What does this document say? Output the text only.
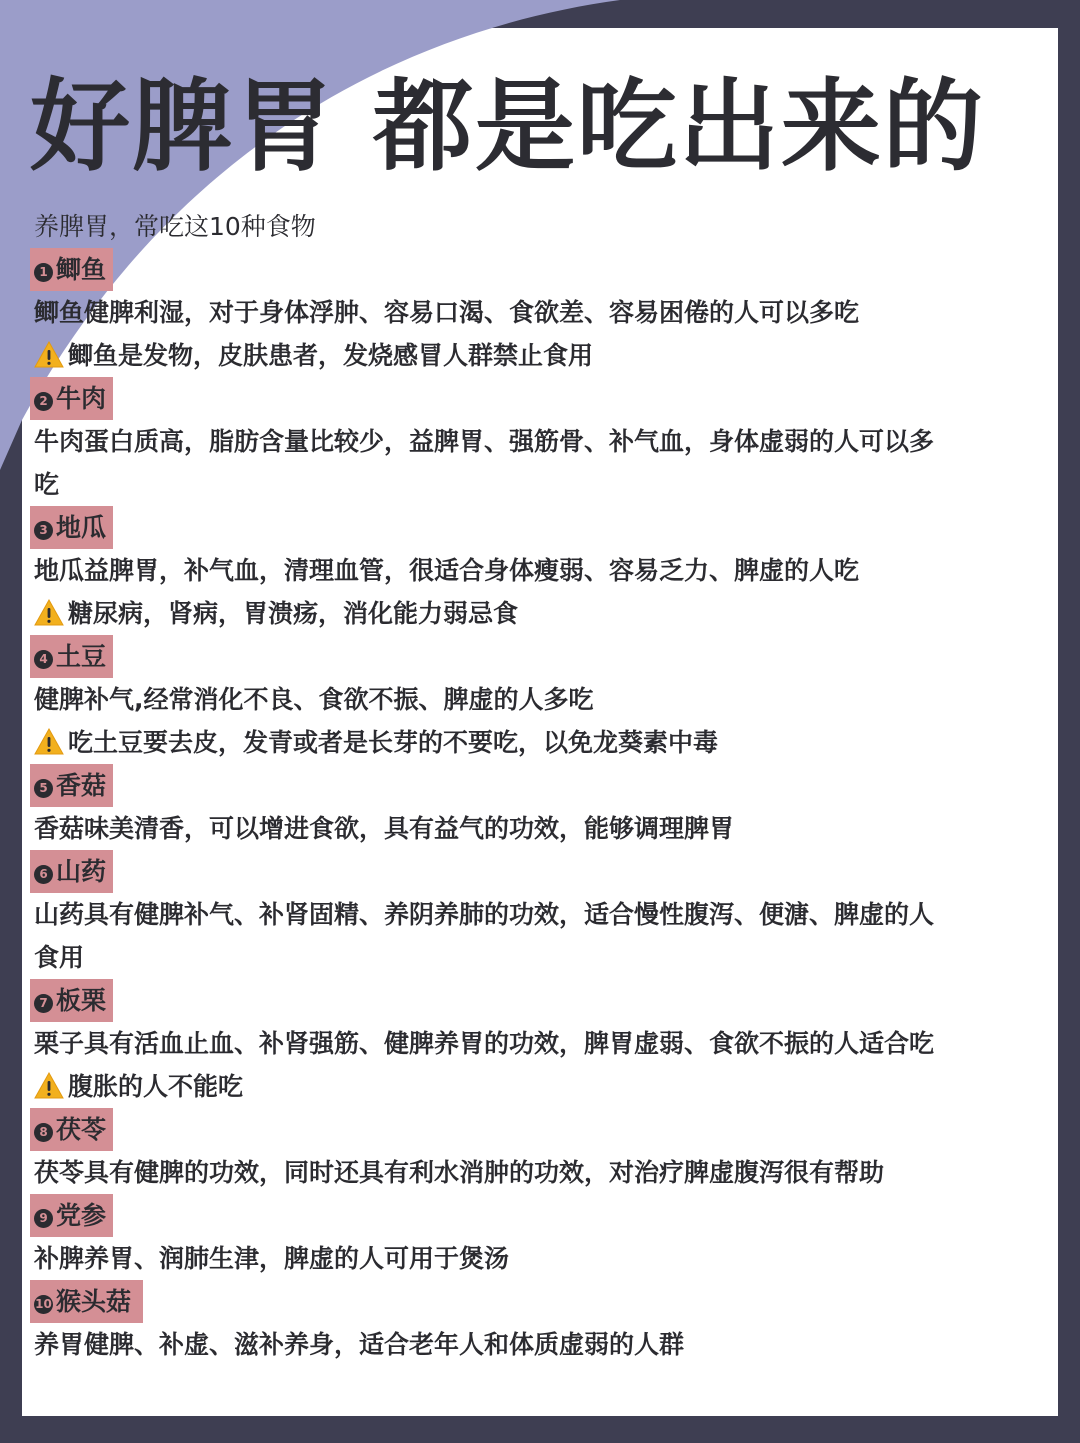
好脾胃 都是吃出来的
养脾胃，常吃这10种食物
1 鲫鱼
鲫鱼健脾利湿，对于身体浮肿、容易口渴、食欲差、容易困倦的人可以多吃
鲫鱼是发物，皮肤患者，发烧感冒人群禁止食用
2 牛肉
牛肉蛋白质高，脂肪含量比较少，益脾胃、强筋骨、补气血，身体虚弱的人可以多
吃
3 地瓜
地瓜益脾胃，补气血，清理血管，很适合身体瘦弱、容易乏力、脾虚的人吃
糖尿病，肾病，胃溃疡，消化能力弱忌食
4 土豆
健脾补气,经常消化不良、食欲不振、脾虚的人多吃
吃土豆要去皮，发青或者是长芽的不要吃，以免龙葵素中毒
5 香菇
香菇味美清香，可以增进食欲，具有益气的功效，能够调理脾胃
6 山药
山药具有健脾补气、补肾固精、养阴养肺的功效，适合慢性腹泻、便溏、脾虚的人
食用
7 板栗
栗子具有活血止血、补肾强筋、健脾养胃的功效，脾胃虚弱、食欲不振的人适合吃
腹胀的人不能吃
8 茯苓
茯苓具有健脾的功效，同时还具有利水消肿的功效，对治疗脾虚腹泻很有帮助
9 党参
补脾养胃、润肺生津，脾虚的人可用于煲汤
10 猴头菇
养胃健脾、补虚、滋补养身，适合老年人和体质虚弱的人群
